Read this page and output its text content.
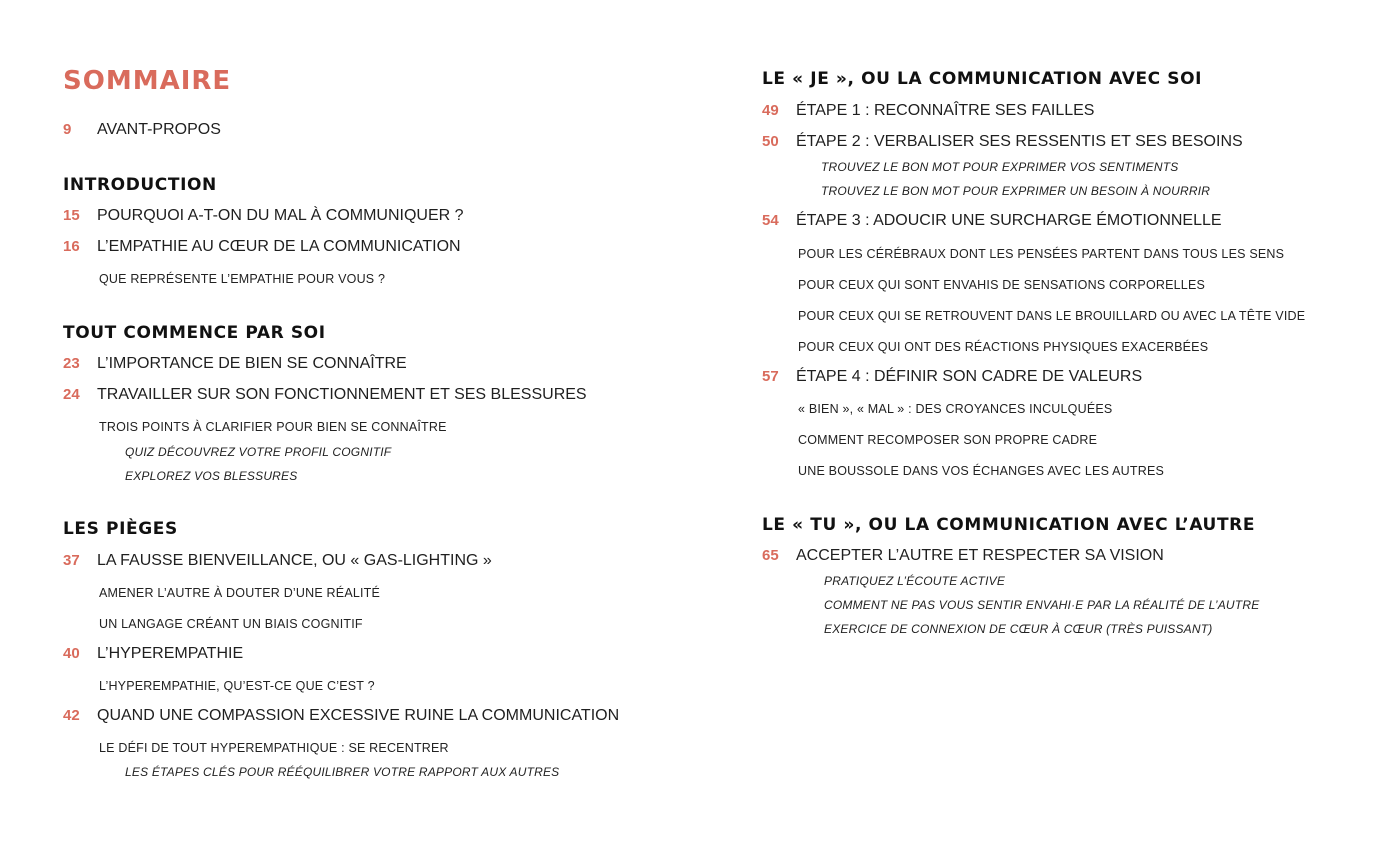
SOMMAIRE
9 AVANT-PROPOS
INTRODUCTION
15 POURQUOI A-T-ON DU MAL À COMMUNIQUER ?
16 L’EMPATHIE AU CŒUR DE LA COMMUNICATION
QUE REPRÉSENTE L’EMPATHIE POUR VOUS ?
TOUT COMMENCE PAR SOI
23 L’IMPORTANCE DE BIEN SE CONNAÎTRE
24 TRAVAILLER SUR SON FONCTIONNEMENT ET SES BLESSURES
TROIS POINTS À CLARIFIER POUR BIEN SE CONNAÎTRE
QUIZ DÉCOUVREZ VOTRE PROFIL COGNITIF
EXPLOREZ VOS BLESSURES
LES PIÈGES
37 LA FAUSSE BIENVEILLANCE, OU « GAS-LIGHTING »
AMENER L’AUTRE À DOUTER D’UNE RÉALITÉ
UN LANGAGE CRÉANT UN BIAIS COGNITIF
40 L’HYPEREMPATHIE
L’HYPEREMPATHIE, QU’EST-CE QUE C’EST ?
42 QUAND UNE COMPASSION EXCESSIVE RUINE LA COMMUNICATION
LE DÉFI DE TOUT HYPEREMPATHIQUE : SE RECENTRER
LES ÉTAPES CLÉS POUR RÉÉQUILIBRER VOTRE RAPPORT AUX AUTRES
LE « JE », OU LA COMMUNICATION AVEC SOI
49 ÉTAPE 1 : RECONNAÎTRE SES FAILLES
50 ÉTAPE 2 : VERBALISER SES RESSENTIS ET SES BESOINS
TROUVEZ LE BON MOT POUR EXPRIMER VOS SENTIMENTS
TROUVEZ LE BON MOT POUR EXPRIMER UN BESOIN À NOURRIR
54 ÉTAPE 3 : ADOUCIR UNE SURCHARGE ÉMOTIONNELLE
POUR LES CÉRÉBRAUX DONT LES PENSÉES PARTENT DANS TOUS LES SENS
POUR CEUX QUI SONT ENVAHIS DE SENSATIONS CORPORELLES
POUR CEUX QUI SE RETROUVENT DANS LE BROUILLARD OU AVEC LA TÊTE VIDE
POUR CEUX QUI ONT DES RÉACTIONS PHYSIQUES EXACERBÉES
57 ÉTAPE 4 : DÉFINIR SON CADRE DE VALEURS
« BIEN », « MAL » : DES CROYANCES INCULQUÉES
COMMENT RECOMPOSER SON PROPRE CADRE
UNE BOUSSOLE DANS VOS ÉCHANGES AVEC LES AUTRES
LE « TU », OU LA COMMUNICATION AVEC L’AUTRE
65 ACCEPTER L’AUTRE ET RESPECTER SA VISION
PRATIQUEZ L’ÉCOUTE ACTIVE
COMMENT NE PAS VOUS SENTIR ENVAHI·E PAR LA RÉALITÉ DE L’AUTRE
EXERCICE DE CONNEXION DE CŒUR À CŒUR (TRÈS PUISSANT)
